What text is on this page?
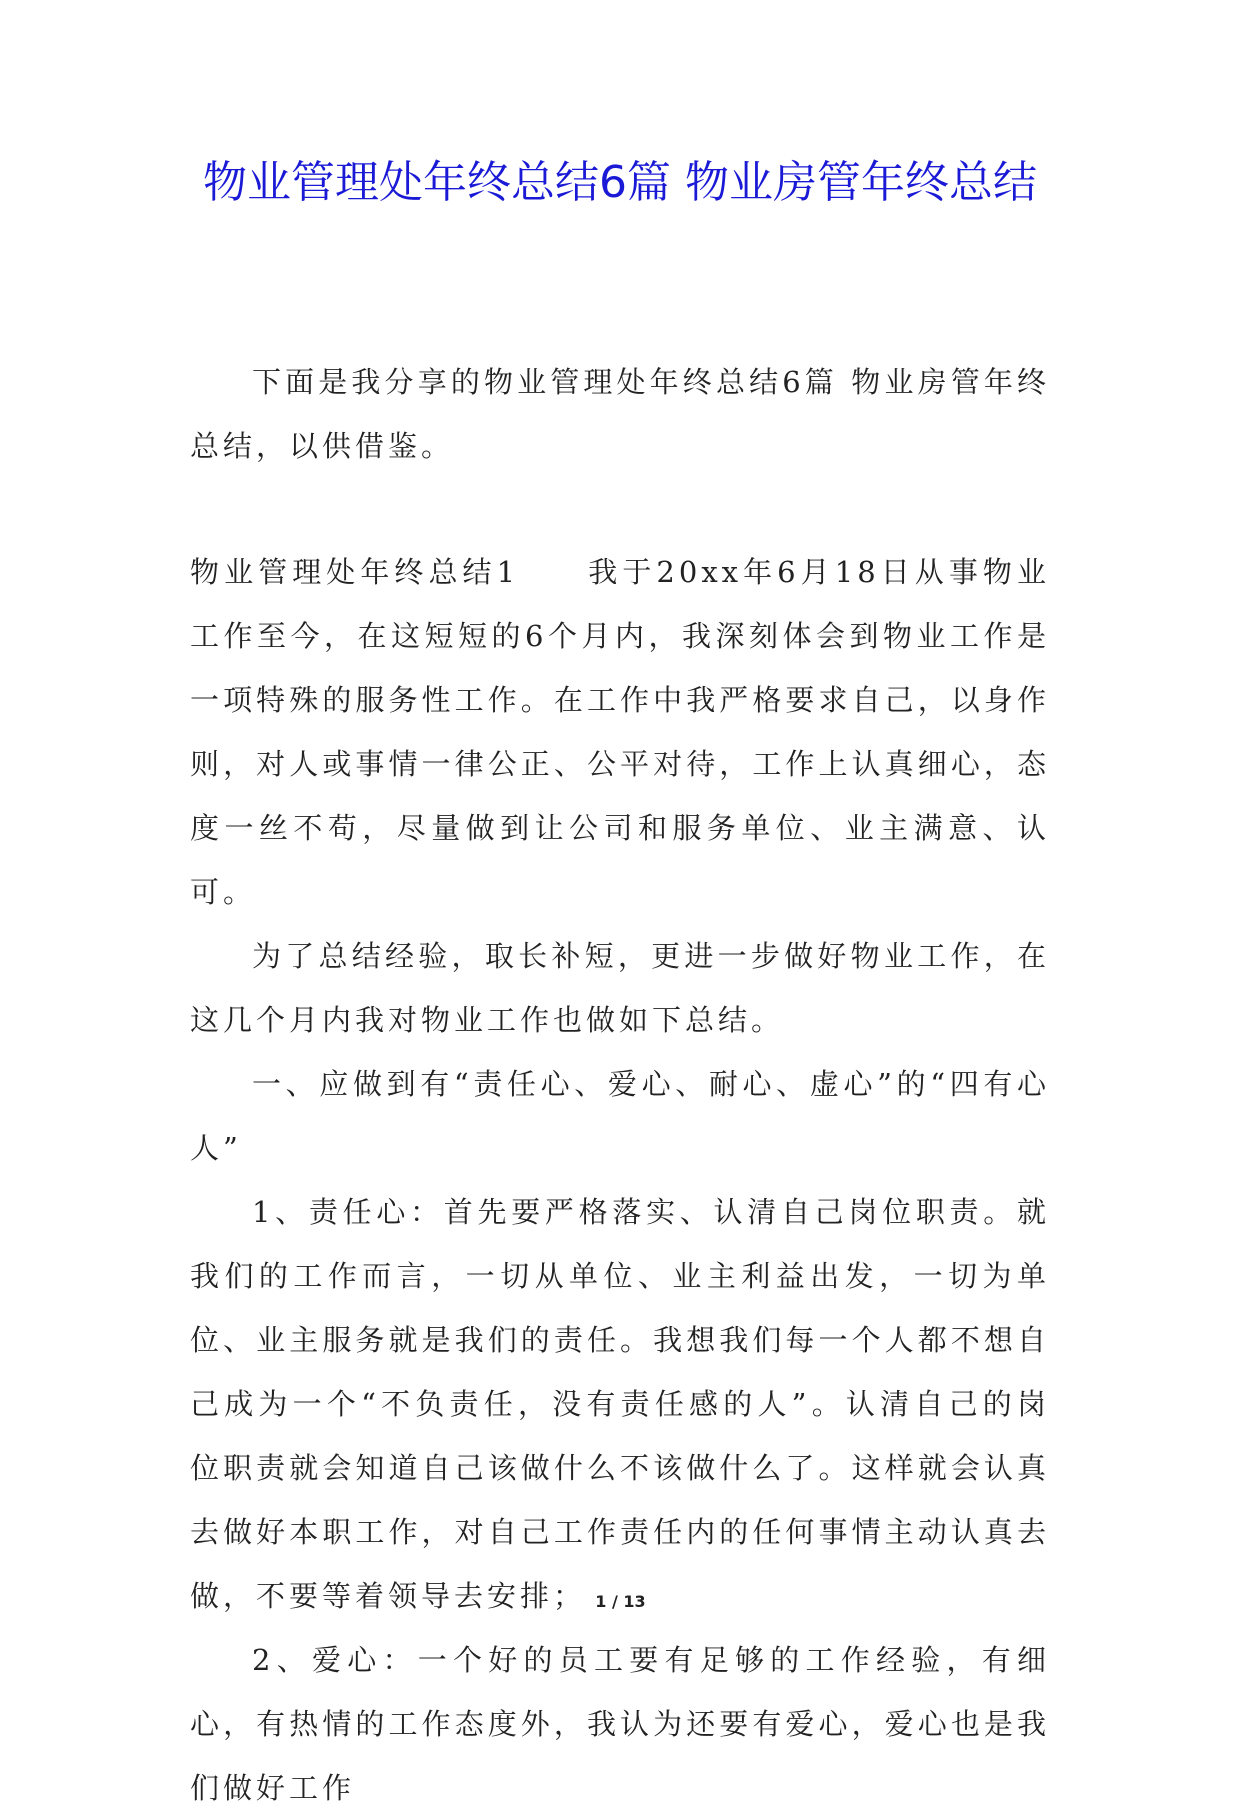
物业管理处年终总结6篇 物业房管年终总结

下面是我分享的物业管理处年终总结6篇 物业房管年终总结，以供借鉴。

物业管理处年终总结1　　我于20xx年6月18日从事物业工作至今，在这短短的6个月内，我深刻体会到物业工作是一项特殊的服务性工作。在工作中我严格要求自己，以身作则，对人或事情一律公正、公平对待，工作上认真细心，态度一丝不苟，尽量做到让公司和服务单位、业主满意、认可。

为了总结经验，取长补短，更进一步做好物业工作，在这几个月内我对物业工作也做如下总结。

一、应做到有“责任心、爱心、耐心、虚心”的“四有心人”

1、责任心：首先要严格落实、认清自己岗位职责。就我们的工作而言，一切从单位、业主利益出发，一切为单位、业主服务就是我们的责任。我想我们每一个人都不想自己成为一个“不负责任，没有责任感的人”。认清自己的岗位职责就会知道自己该做什么不该做什么了。这样就会认真去做好本职工作，对自己工作责任内的任何事情主动认真去做，不要等着领导去安排；

2、爱心：一个好的员工要有足够的工作经验，有细心，有热情的工作态度外，我认为还要有爱心，爱心也是我们做好工作

1 / 13
